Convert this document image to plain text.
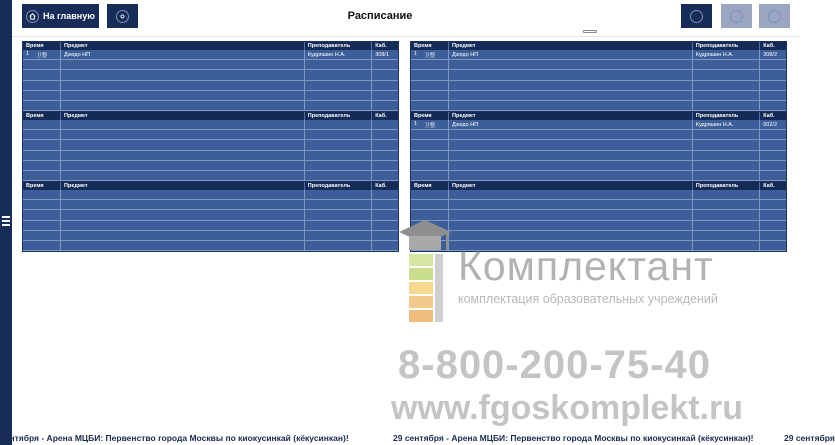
На главную	Расписание
Время	Предмет	Преподаватель	Каб.

1 卫整	Дзюдо НП	Кудряшин Н.А.	308/1

Время	Предмет	Преподаватель	Каб.

Время	Предмет	Преподаватель	Каб.

Время	Предмет	Преподаватель	Каб.

1 卫整	Дзюдо НП	Кудряшин Н.А.	308/2

Время	Предмет	Преподаватель	Каб.

1 卫整	Дзюдо НП	Кудряшин Н.А.	502/2

Время	Предмет	Преподаватель	Каб.

Комплектант
комплектация образовательных учреждений
8-800-200-75-40
www.fgoskomplekt.ru
сентября - Арена МЦБИ: Первенство города Москвы по киокусинкай (кёкусинкан)!	29 сентября - Арена МЦБИ: Первенство города Москвы по киокусинкай (кёкусинкан)!	29 сентября
